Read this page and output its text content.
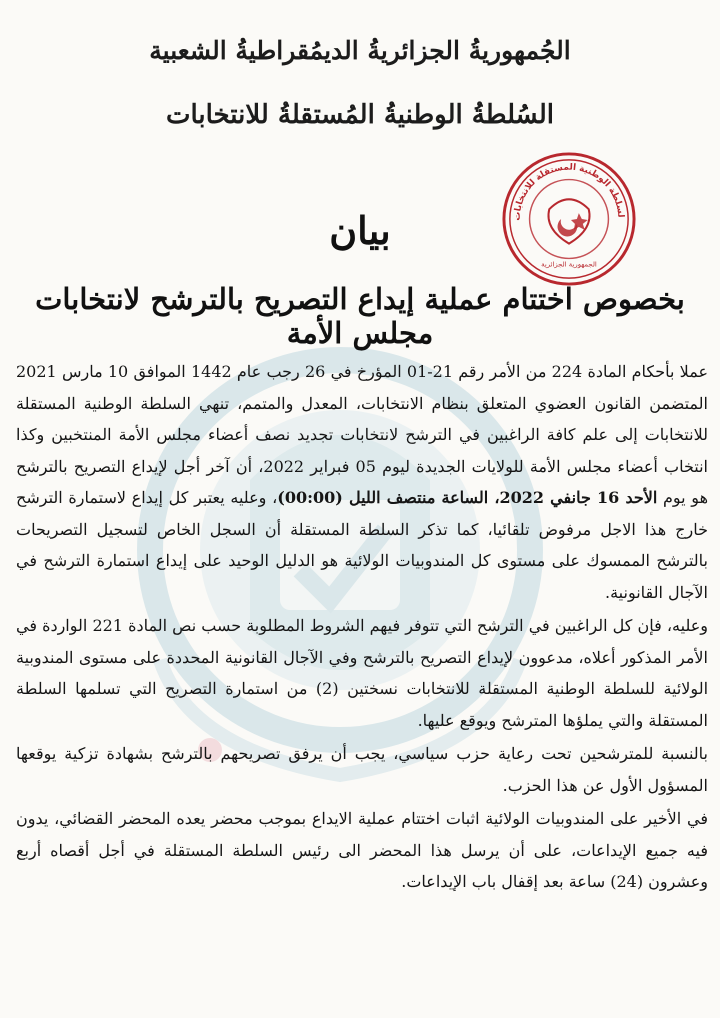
الجُمهوريةُ الجزائريةُ الديمُقراطيةُ الشعبية
السُلطةُ الوطنيةُ المُستقلةُ للانتخابات
لسلطة الوطنية المستقلة للانتخابات
الجمهورية الجزائرية
بيان
بخصوص اختتام عملية إيداع التصريح بالترشح لانتخابات مجلس الأمة

عملا بأحكام المادة 224 من الأمر رقم 21-01 المؤرخ في 26 رجب عام 1442 الموافق 10 مارس 2021 المتضمن القانون العضوي المتعلق بنظام الانتخابات، المعدل والمتمم، تنهي السلطة الوطنية المستقلة للانتخابات إلى علم كافة الراغبين في الترشح لانتخابات تجديد نصف أعضاء مجلس الأمة المنتخبين وكذا انتخاب أعضاء مجلس الأمة للولايات الجديدة ليوم 05 فبراير 2022، أن آخر أجل لإيداع التصريح بالترشح هو يوم الأحد 16 جانفي 2022، الساعة منتصف الليل (00:00)، وعليه يعتبر كل إيداع لاستمارة الترشح خارج هذا الاجل مرفوض تلقائيا، كما تذكر السلطة المستقلة أن السجل الخاص لتسجيل التصريحات بالترشح الممسوك على مستوى كل المندوبيات الولائية هو الدليل الوحيد على إيداع استمارة الترشح في الآجال القانونية.

وعليه، فإن كل الراغبين في الترشح التي تتوفر فيهم الشروط المطلوبة حسب نص المادة 221 الواردة في الأمر المذكور أعلاه، مدعوون لإيداع التصريح بالترشح وفي الآجال القانونية المحددة على مستوى المندوبية الولائية للسلطة الوطنية المستقلة للانتخابات نسختين (2) من استمارة التصريح التي تسلمها السلطة المستقلة والتي يملؤها المترشح ويوقع عليها.

بالنسبة للمترشحين تحت رعاية حزب سياسي، يجب أن يرفق تصريحهم بالترشح بشهادة تزكية يوقعها المسؤول الأول عن هذا الحزب.

في الأخير على المندوبيات الولائية اثبات اختتام عملية الايداع بموجب محضر يعده المحضر القضائي، يدون فيه جميع الإيداعات، على أن يرسل هذا المحضر الى رئيس السلطة المستقلة في أجل أقصاه أربع وعشرون (24) ساعة بعد إقفال باب الإيداعات.
